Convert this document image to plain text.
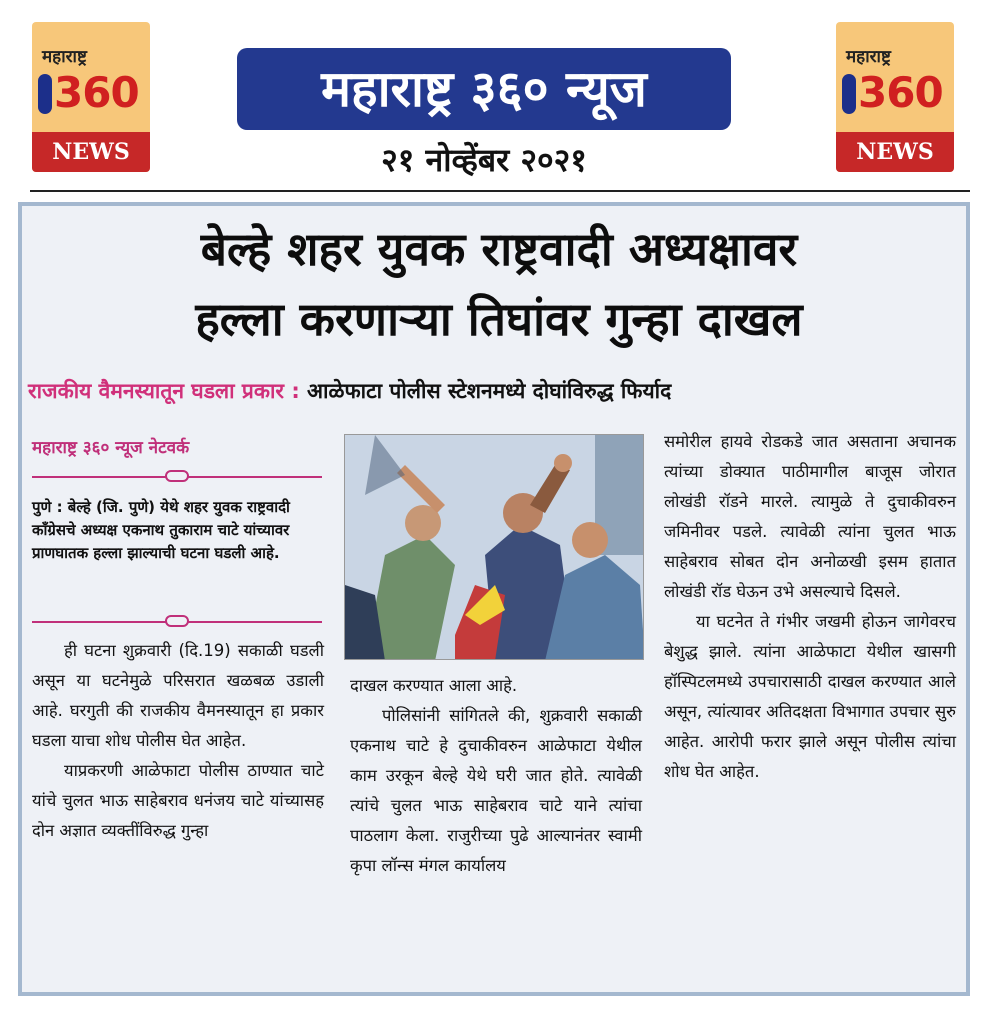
महाराष्ट्र
360
NEWS
महाराष्ट्र
360
NEWS
महाराष्ट्र ३६० न्यूज
२१ नोव्हेंबर २०२१
बेल्हे शहर युवक राष्ट्रवादी अध्यक्षावर
हल्ला करणाऱ्या तिघांवर गुन्हा दाखल
राजकीय वैमनस्यातून घडला प्रकार : आळेफाटा पोलीस स्टेशनमध्ये दोघांविरुद्ध फिर्याद
महाराष्ट्र ३६० न्यूज नेटवर्क
पुणे : बेल्हे (जि. पुणे) येथे शहर युवक राष्ट्रवादी कॉंग्रेसचे अध्यक्ष एकनाथ तुकाराम चाटे यांच्यावर प्राणघातक हल्ला झाल्याची घटना घडली आहे.

ही घटना शुक्रवारी (दि.19) सकाळी घडली असून या घटनेमुळे परिसरात खळबळ उडाली आहे. घरगुती की राजकीय वैमनस्यातून हा प्रकार घडला याचा शोध पोलीस घेत आहेत.

याप्रकरणी आळेफाटा पोलीस ठाण्यात चाटे यांचे चुलत भाऊ साहेबराव धनंजय चाटे यांच्यासह दोन अज्ञात व्यक्तींविरुद्ध गुन्हा

दाखल करण्यात आला आहे.

पोलिसांनी सांगितले की, शुक्रवारी सकाळी एकनाथ चाटे हे दुचाकीवरुन आळेफाटा येथील काम उरकून बेल्हे येथे घरी जात होते. त्यावेळी त्यांचे चुलत भाऊ साहेबराव चाटे याने त्यांचा पाठलाग केला. राजुरीच्या पुढे आल्यानंतर स्वामी कृपा लॉन्स मंगल कार्यालय

समोरील हायवे रोडकडे जात असताना अचानक त्यांच्या डोक्यात पाठीमागील बाजूस जोरात लोखंडी रॉडने मारले. त्यामुळे ते दुचाकीवरुन जमिनीवर पडले. त्यावेळी त्यांना चुलत भाऊ साहेबराव सोबत दोन अनोळखी इसम हातात लोखंडी रॉड घेऊन उभे असल्याचे दिसले.

या घटनेत ते गंभीर जखमी होऊन जागेवरच बेशुद्ध झाले. त्यांना आळेफाटा येथील खासगी हॉस्पिटलमध्ये उपचारासाठी दाखल करण्यात आले असून, त्यांत्यावर अतिदक्षता विभागात उपचार सुरु आहेत. आरोपी फरार झाले असून पोलीस त्यांचा शोध घेत आहेत.
